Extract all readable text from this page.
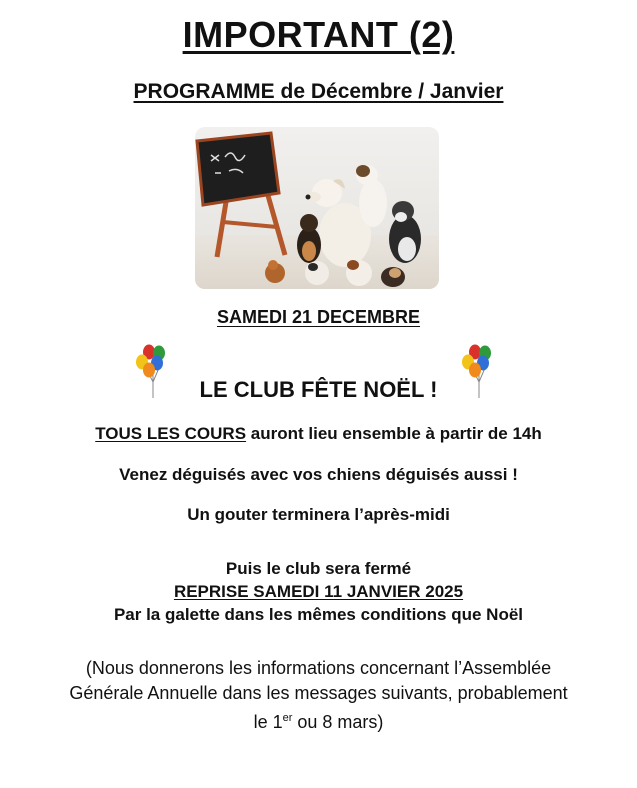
IMPORTANT (2)
PROGRAMME de Décembre / Janvier
SAMEDI 21 DECEMBRE
LE CLUB FÊTE NOËL !
TOUS LES COURS auront lieu ensemble à partir de 14h
Venez déguisés avec vos chiens déguisés aussi !
Un gouter terminera l’après-midi
Puis le club sera fermé
REPRISE SAMEDI 11 JANVIER 2025
Par la galette dans les mêmes conditions que Noël
(Nous donnerons les informations concernant l’Assemblée
Générale Annuelle dans les messages suivants, probablement
le 1er ou 8 mars)
